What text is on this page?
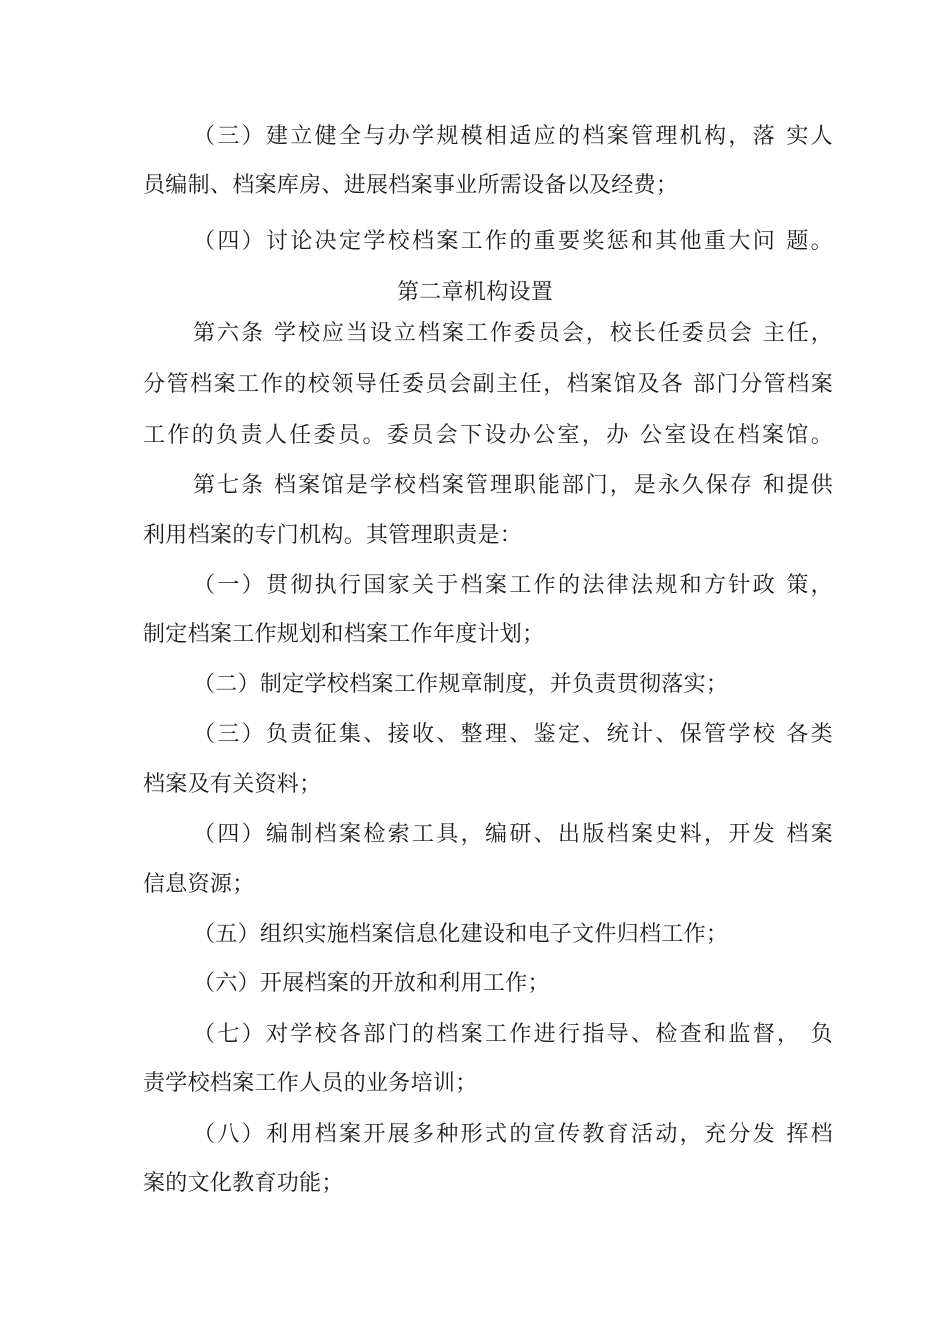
（三）建立健全与办学规模相适应的档案管理机构，落 实人
员编制、档案库房、进展档案事业所需设备以及经费；
（四）讨论决定学校档案工作的重要奖惩和其他重大问 题。
第二章机构设置
第六条 学校应当设立档案工作委员会，校长任委员会 主任，
分管档案工作的校领导任委员会副主任，档案馆及各 部门分管档案
工作的负责人任委员。委员会下设办公室，办 公室设在档案馆。
第七条 档案馆是学校档案管理职能部门，是永久保存 和提供
利用档案的专门机构。其管理职责是：
（一）贯彻执行国家关于档案工作的法律法规和方针政 策，
制定档案工作规划和档案工作年度计划；
（二）制定学校档案工作规章制度，并负责贯彻落实；
（三）负责征集、接收、整理、鉴定、统计、保管学校 各类
档案及有关资料；
（四）编制档案检索工具，编研、出版档案史料，开发 档案
信息资源；
（五）组织实施档案信息化建设和电子文件归档工作；
（六）开展档案的开放和利用工作；
（七）对学校各部门的档案工作进行指导、检查和监督， 负
责学校档案工作人员的业务培训；
（八）利用档案开展多种形式的宣传教育活动，充分发 挥档
案的文化教育功能；
